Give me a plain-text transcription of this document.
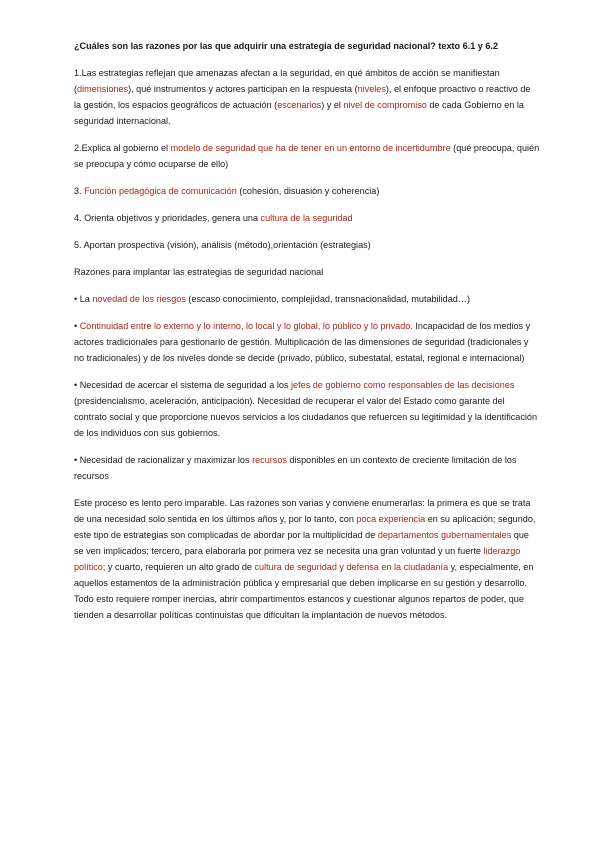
¿Cuáles son las razones por las que adquirir una estrategia de seguridad nacional? texto 6.1 y 6.2

1.Las estrategias reflejan que amenazas afectan a la seguridad, en qué ámbitos de acción se manifiestan (dimensiones), qué instrumentos y actores participan en la respuesta (niveles), el enfoque proactivo o reactivo de la gestión, los espacios geográficos de actuación (escenarios) y el nivel de compromiso de cada Gobierno en la seguridad internacional.

2.Explica al gobierno el modelo de seguridad que ha de tener en un entorno de incertidumbre (qué preocupa, quién se preocupa y cómo ocuparse de ello)

3. Función pedagógica de comunicación (cohesión, disuasión y coherencia)

4. Orienta objetivos y prioridades, genera una cultura de la seguridad

5. Aportan prospectiva (visión), análisis (método),orientación (estrategias)

Razones para implantar las estrategias de seguridad nacional

• La novedad de los riesgos (escaso conocimiento, complejidad, transnacionalidad, mutabilidad…)

• Continuidad entre lo externo y lo interno, lo local y lo global, lo público y lo privado. Incapacidad de los medios y actores tradicionales para gestionarlo de gestión. Multiplicación de las dimensiones de seguridad (tradicionales y no tradicionales) y de los niveles donde se decide (privado, público, subestatal, estatal, regional e internacional)

• Necesidad de acercar el sistema de seguridad a los jefes de gobierno como responsables de las decisiones (presidencialismo, aceleración, anticipación). Necesidad de recuperar el valor del Estado como garante del contrato social y que proporcione nuevos servicios a los ciudadanos que refuercen su legitimidad y la identificación de los individuos con sus gobiernos.

• Necesidad de racionalizar y maximizar los recursos disponibles en un contexto de creciente limitación de los recursos

Este proceso es lento pero imparable. Las razones son varias y conviene enumerarlas: la primera es que se trata de una necesidad solo sentida en los últimos años y, por lo tanto, con poca experiencia en su aplicación; segundo, este tipo de estrategias son complicadas de abordar por la multiplicidad de departamentos gubernamentales que se ven implicados; tercero, para elaborarla por primera vez se necesita una gran voluntad y un fuerte liderazgo político; y cuarto, requieren un alto grado de cultura de seguridad y defensa en la ciudadanía y, especialmente, en aquellos estamentos de la administración pública y empresarial que deben implicarse en su gestión y desarrollo. Todo esto requiere romper inercias, abrir compartimentos estancos y cuestionar algunos repartos de poder, que tienden a desarrollar políticas continuistas que dificultan la implantación de nuevos métodos.
